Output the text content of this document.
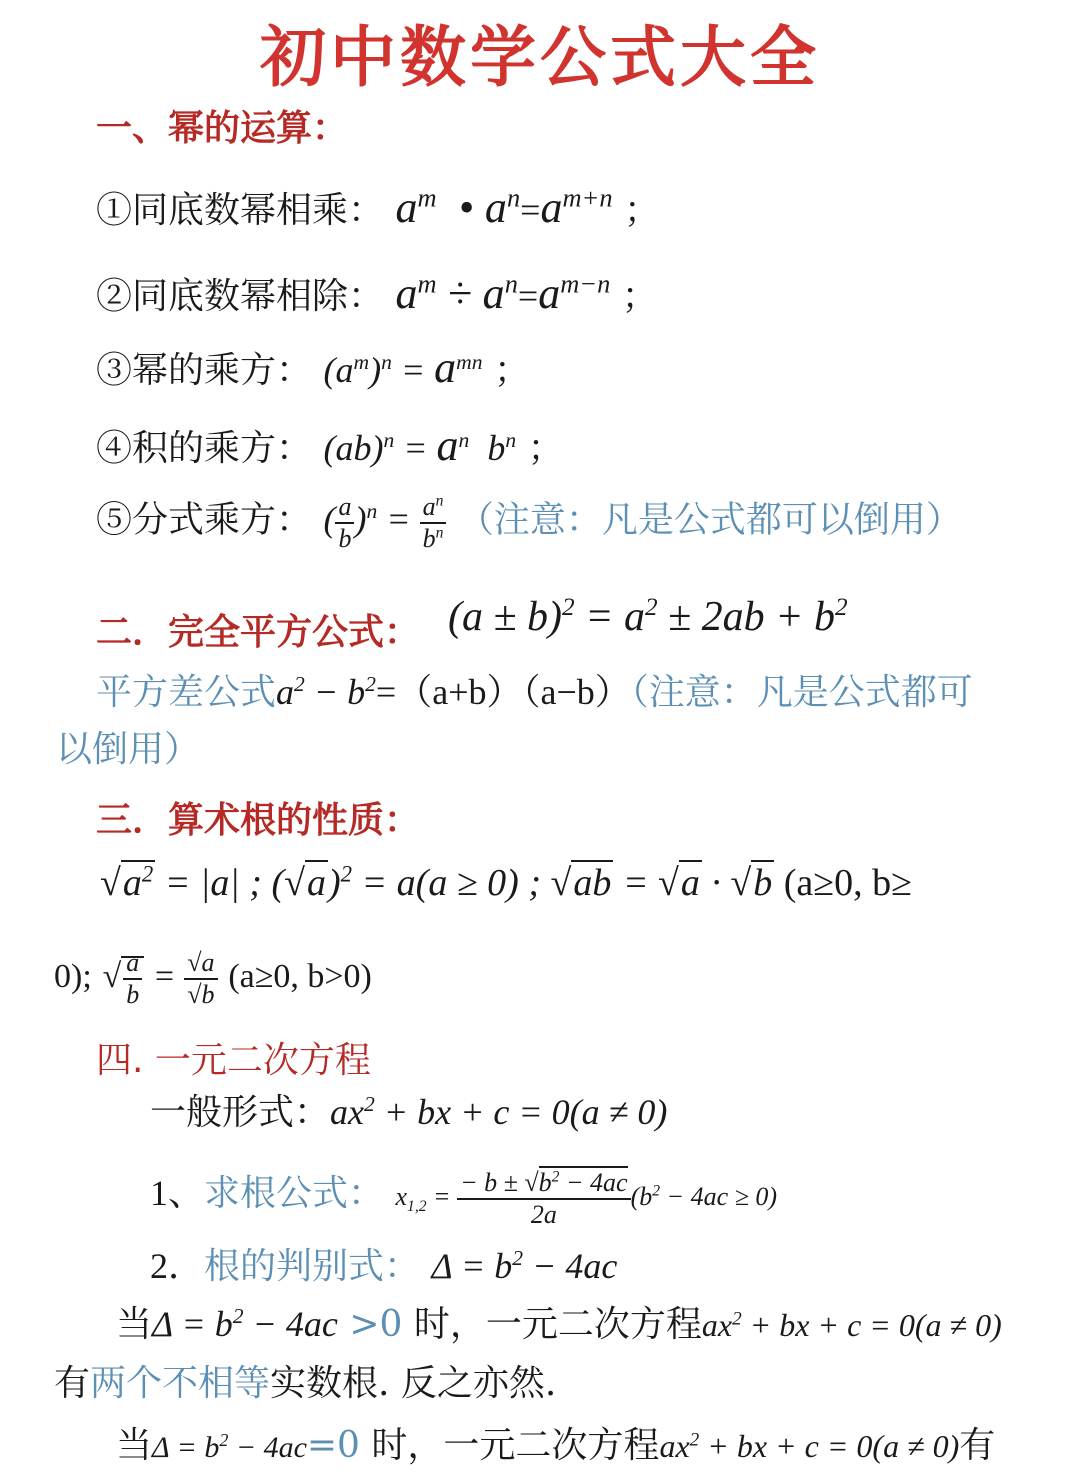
初中数学公式大全
一、幂的运算：
①同底数幂相乘： $a^m$  • $a^n=a^{m+n}$ ；
②同底数幂相除： $a^m \div a^n=a^{m-n}$ ；
③幂的乘方： $(a^m)^n = a^{mn}$ ；
④积的乘方： $(ab)^n = a^n$  $b^n$ ；
⑤分式乘方： ( $\frac{a}{b} )^n = \frac{a^n}{b^n}$ （注意：凡是公式都可以倒用）
二．完全平方公式： $(a \pm b)^2 = a^2 \pm 2ab + b^2$
平方差公式$a^2 - b^2=(a+b)(a-b)$（注意：凡是公式都可
以倒用）
三．算术根的性质：
$√a^2 = |a|$ ; $(√a)^2 = a(a \ge 0)$ ; √ab = √a · √b (a≥0, b≥
0); √ $\frac{a}{b} = \frac{√a}{√b} (a\ge 0$, b>0)
四. 一元二次方程
一般形式：$ax^2$ + bx + c = 0(a ≠ 0)
1、求根公式： $x_{1,2} = \frac{- b \pm √b^2 - 4ac}{2a} (b^2 - 4ac \ge 0)$
2．根的判别式： $\Delta = b^2 - 4ac$
当$\Delta = b^2 - 4ac >0$ 时，一元二次方程$ax^2$ + bx + c = 0(a ≠ 0)
有两个不相等实数根. 反之亦然.
当$\Delta = b^2 - 4ac=0$ 时，一元二次方程$ax^2$ + bx + c = 0(a ≠ 0)有
